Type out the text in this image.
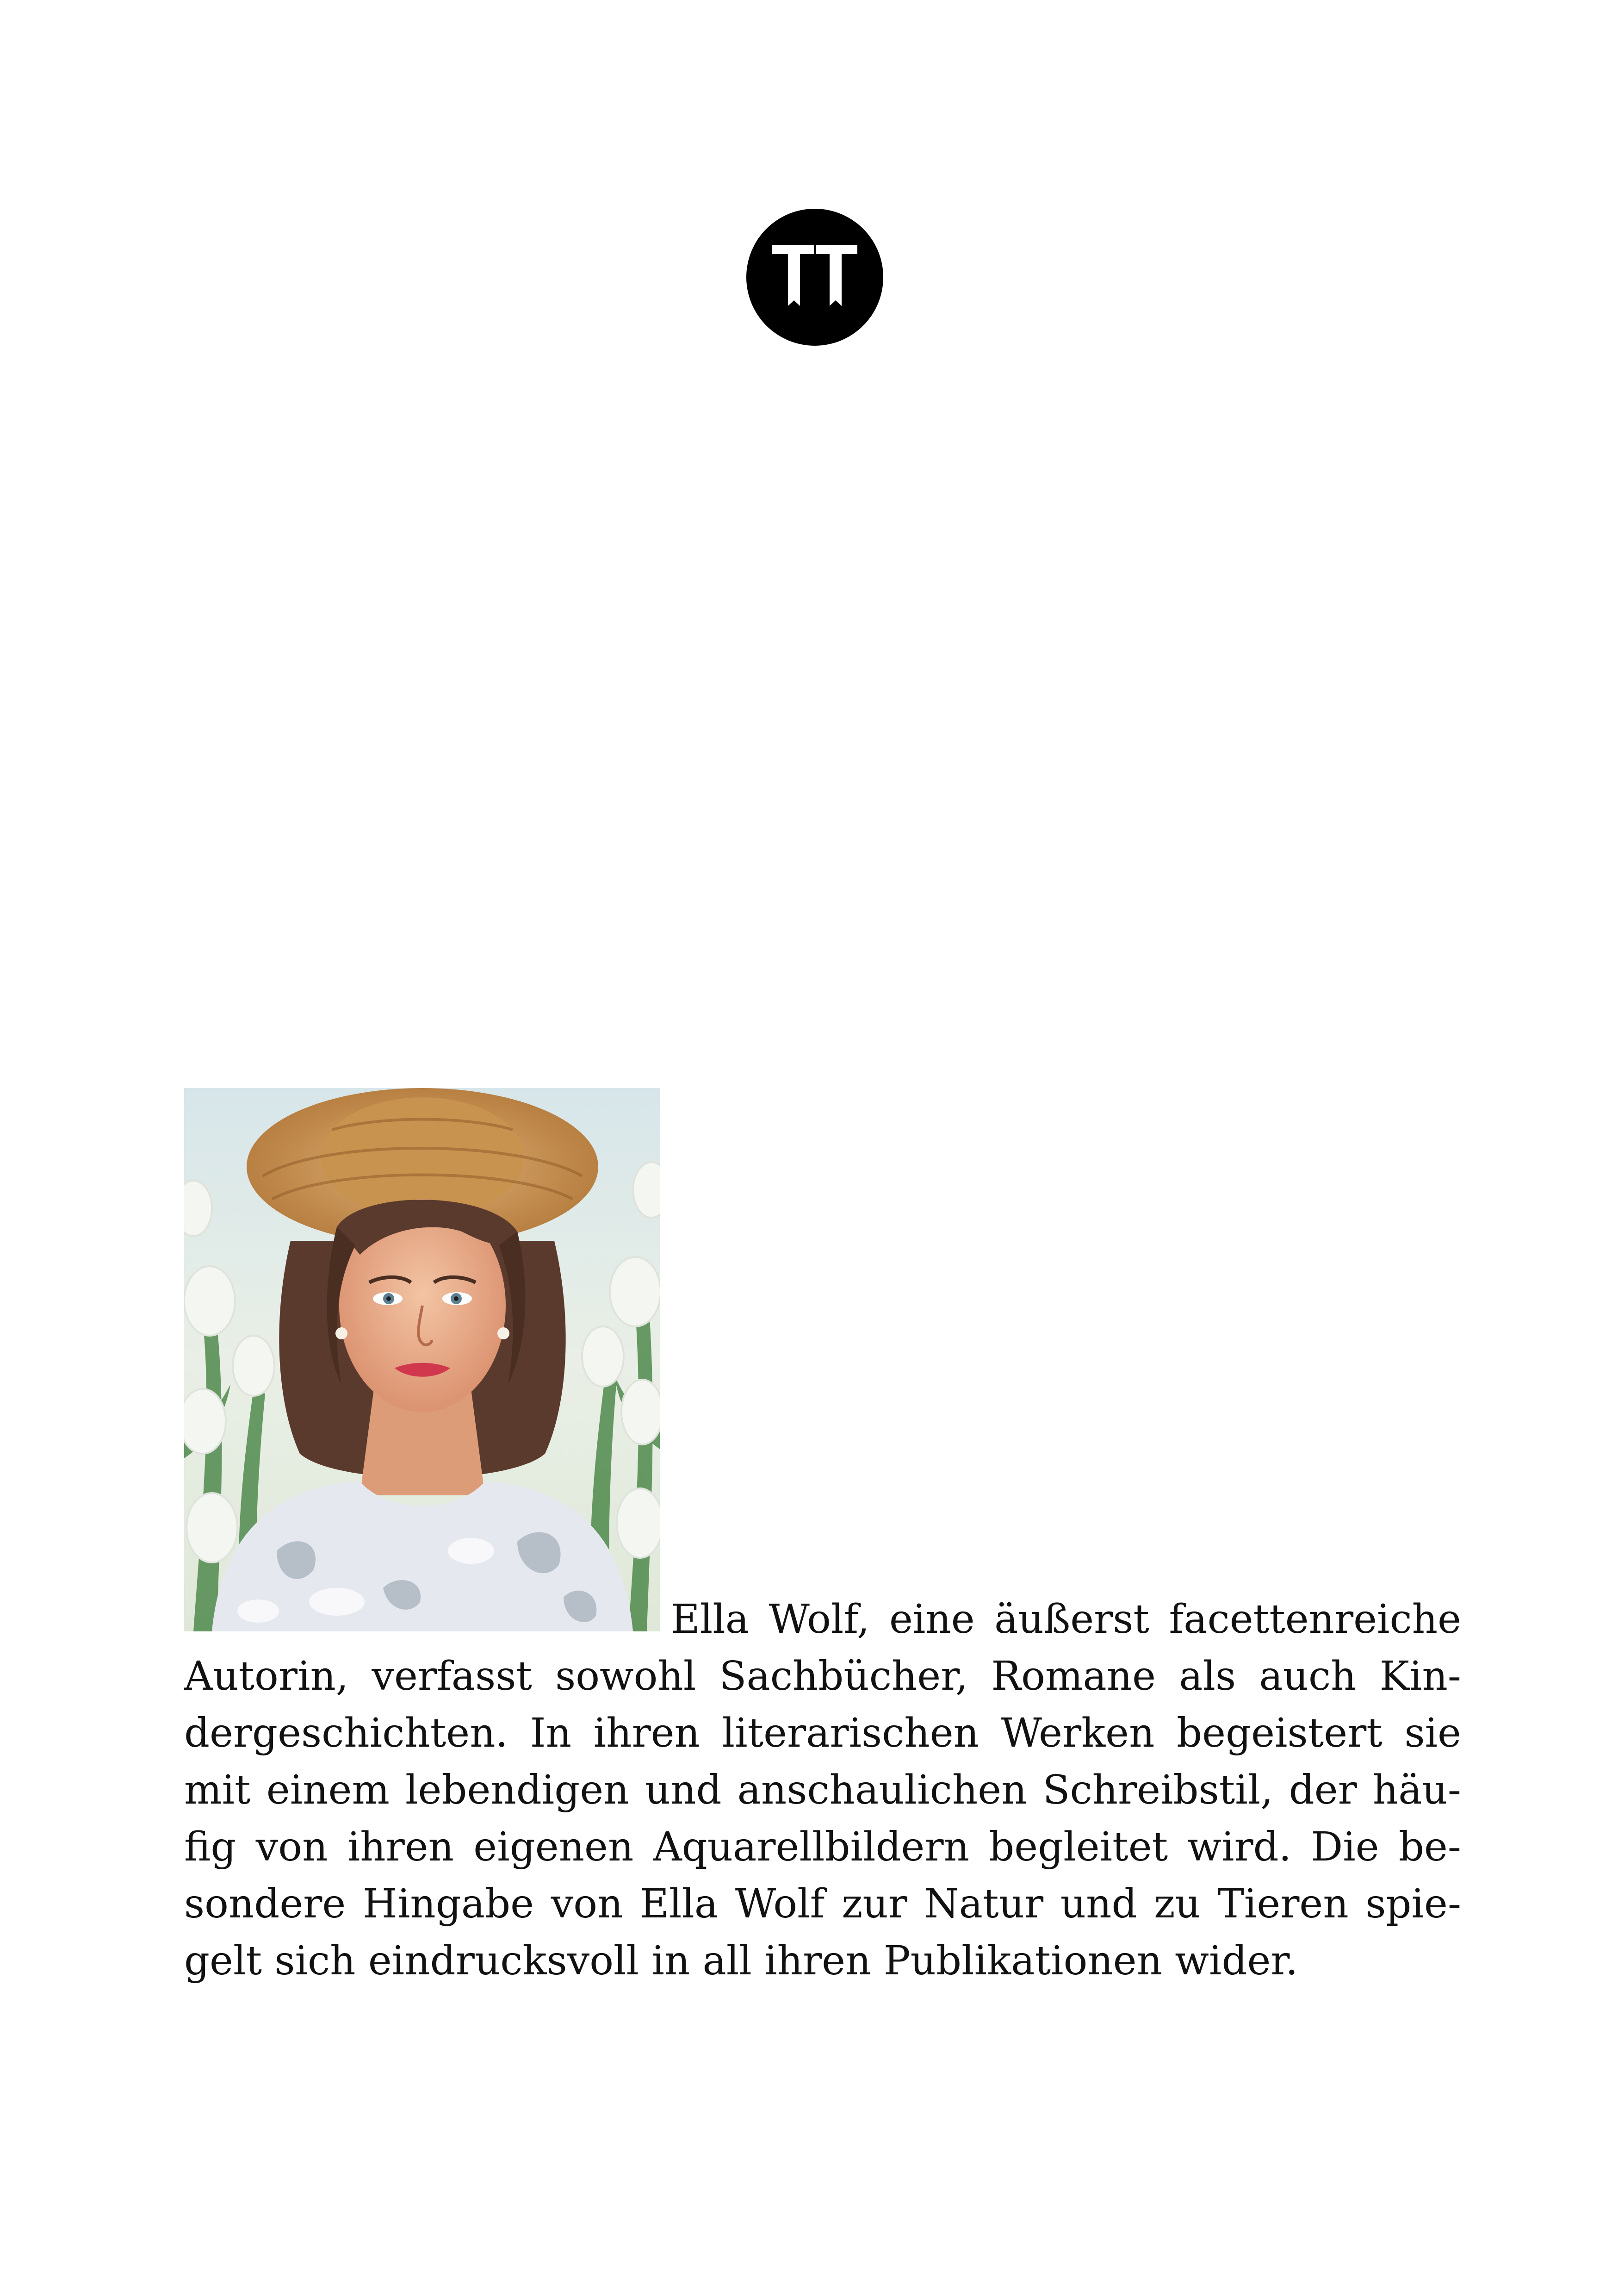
Ella Wolf, eine äußerst facettenreiche
Autorin, verfasst sowohl Sachbücher, Romane als auch Kin-
dergeschichten. In ihren literarischen Werken begeistert sie
mit einem lebendigen und anschaulichen Schreibstil, der häu-
fig von ihren eigenen Aquarellbildern begleitet wird. Die be-
sondere Hingabe von Ella Wolf zur Natur und zu Tieren spie-
gelt sich eindrucksvoll in all ihren Publikationen wider.
